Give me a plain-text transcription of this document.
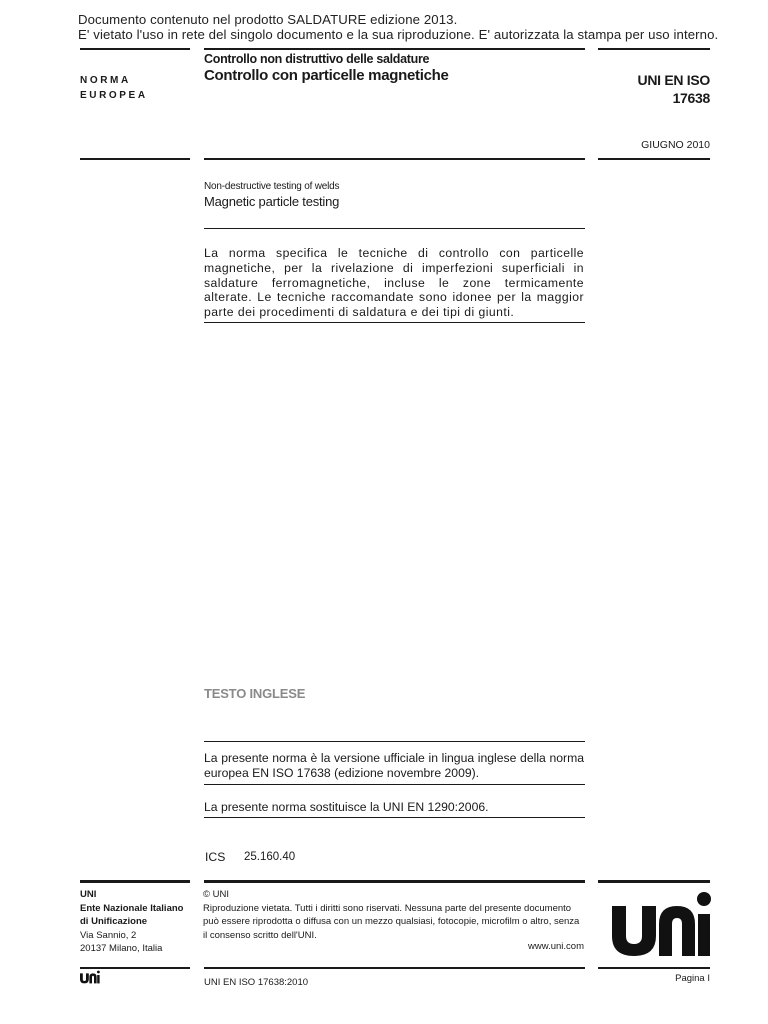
Documento contenuto nel prodotto SALDATURE edizione 2013.
E' vietato l'uso in rete del singolo documento e la sua riproduzione. E' autorizzata la stampa per uso interno.
NORMA
EUROPEA
Controllo non distruttivo delle saldature
Controllo con particelle magnetiche	UNI EN ISO
17638
GIUGNO 2010
Non-destructive testing of welds
Magnetic particle testing
La norma specifica le tecniche di controllo con particelle magnetiche, per la rivelazione di imperfezioni superficiali in saldature ferromagnetiche, incluse le zone termicamente alterate. Le tecniche raccomandate sono idonee per la maggior parte dei procedimenti di saldatura e dei tipi di giunti.
TESTO INGLESE
La presente norma è la versione ufficiale in lingua inglese della norma europea EN ISO 17638 (edizione novembre 2009).
La presente norma sostituisce la UNI EN 1290:2006.
ICS 25.160.40
UNI
Ente Nazionale Italiano
di Unificazione
Via Sannio, 2
20137 Milano, Italia
© UNI
Riproduzione vietata. Tutti i diritti sono riservati. Nessuna parte del presente documento può essere riprodotta o diffusa con un mezzo qualsiasi, fotocopie, microfilm o altro, senza il consenso scritto dell'UNI.
www.uni.com
UNI EN ISO 17638:2010	Pagina I
